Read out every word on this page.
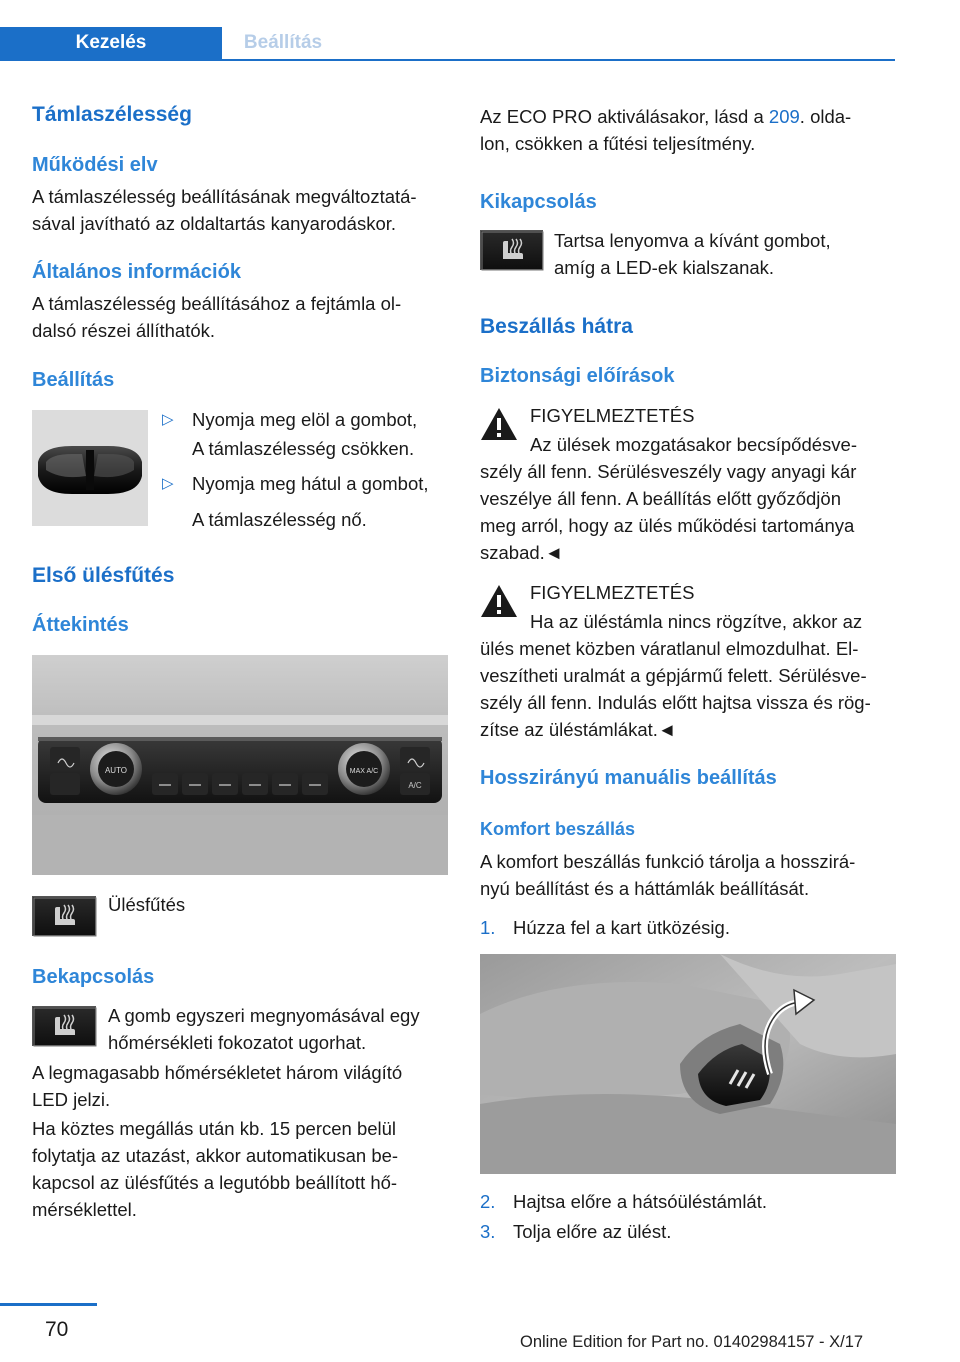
Kezelés	Beállítás
Támlaszélesség
Működési elv
A támlaszélesség beállításának megváltoztatá-
sával javítható az oldaltartás kanyarodáskor.
Általános információk
A támlaszélesség beállításához a fejtámla ol-
dalsó részei állíthatók.
Beállítás
▷ Nyomja meg elöl a gombot,
A támlaszélesség csökken.
▷ Nyomja meg hátul a gombot,
A támlaszélesség nő.
Első ülésfűtés
Áttekintés
AUTO	MAX A/C
A/C
Ülésfűtés
Bekapcsolás
A gomb egyszeri megnyomásával egy
hőmérsékleti fokozatot ugorhat.
A legmagasabb hőmérsékletet három világító
LED jelzi.
Ha köztes megállás után kb. 15 percen belül
folytatja az utazást, akkor automatikusan be-
kapcsol az ülésfűtés a legutóbb beállított hő-
mérséklettel.
Az ECO PRO aktiválásakor, lásd a 209. olda-
lon, csökken a fűtési teljesítmény.
Kikapcsolás
Tartsa lenyomva a kívánt gombot,
amíg a LED-ek kialszanak.
Beszállás hátra
Biztonsági előírások
FIGYELMEZTETÉS
Az ülések mozgatásakor becsípődésve-
szély áll fenn. Sérülésveszély vagy anyagi kár
veszélye áll fenn. A beállítás előtt győződjön
meg arról, hogy az ülés működési tartománya
szabad.◄
FIGYELMEZTETÉS
Ha az üléstámla nincs rögzítve, akkor az
ülés menet közben váratlanul elmozdulhat. El-
veszítheti uralmát a gépjármű felett. Sérülésve-
szély áll fenn. Indulás előtt hajtsa vissza és rög-
zítse az üléstámlákat.◄
Hosszirányú manuális beállítás
Komfort beszállás
A komfort beszállás funkció tárolja a hosszirá-
nyú beállítást és a háttámlák beállítását.
1. Húzza fel a kart ütközésig.
2. Hajtsa előre a hátsóüléstámlát.
3. Tolja előre az ülést.
70
Online Edition for Part no. 01402984157 - X/17
